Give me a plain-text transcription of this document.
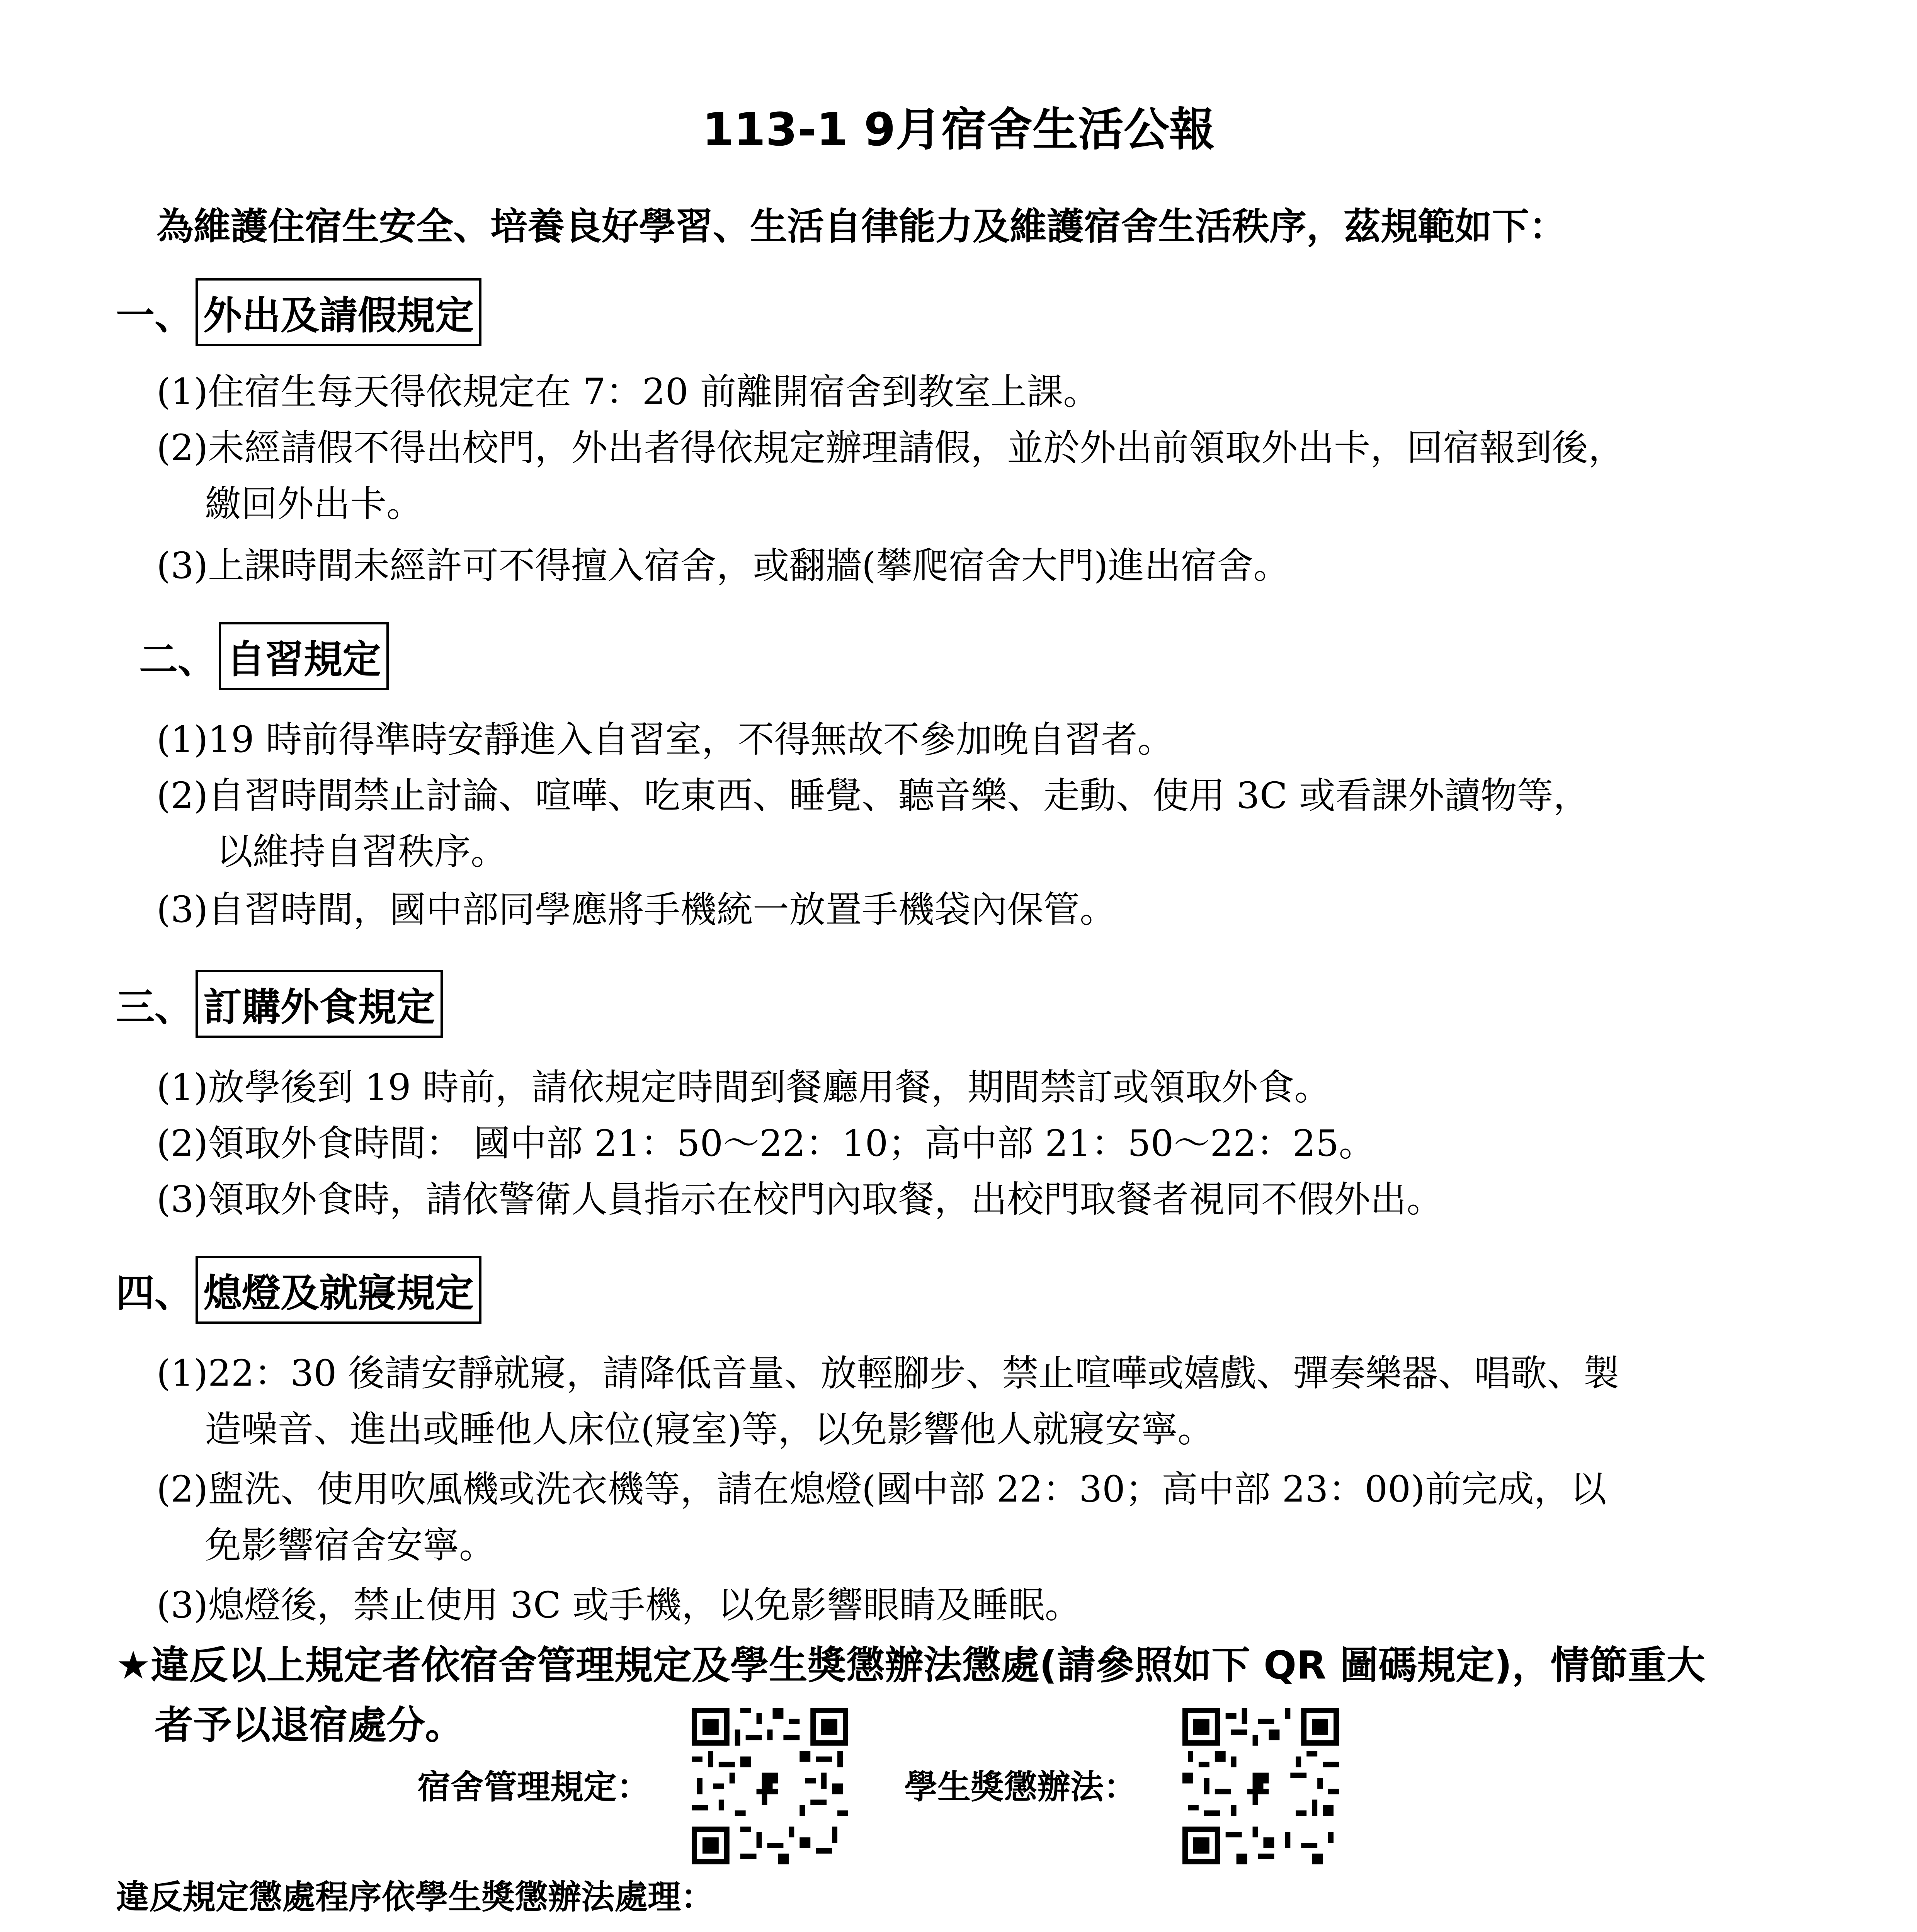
113-1 9月宿舍生活公報
為維護住宿生安全、培養良好學習、生活自律能力及維護宿舍生活秩序，茲規範如下：
一、 外出及請假規定
(1)住宿生每天得依規定在 7：20 前離開宿舍到教室上課。
(2)未經請假不得出校門，外出者得依規定辦理請假，並於外出前領取外出卡，回宿報到後，
繳回外出卡。
(3)上課時間未經許可不得擅入宿舍，或翻牆(攀爬宿舍大門)進出宿舍。
二、 自習規定
(1)19 時前得準時安靜進入自習室，不得無故不參加晚自習者。
(2)自習時間禁止討論、喧嘩、吃東西、睡覺、聽音樂、走動、使用 3C 或看課外讀物等，
以維持自習秩序。
(3)自習時間，國中部同學應將手機統一放置手機袋內保管。
三、 訂購外食規定
(1)放學後到 19 時前，請依規定時間到餐廳用餐，期間禁訂或領取外食。
(2)領取外食時間： 國中部 21：50～22：10；高中部 21：50～22：25。
(3)領取外食時，請依警衛人員指示在校門內取餐，出校門取餐者視同不假外出。
四、 熄燈及就寢規定
(1)22：30 後請安靜就寢，請降低音量、放輕腳步、禁止喧嘩或嬉戲、彈奏樂器、唱歌、製
造噪音、進出或睡他人床位(寢室)等，以免影響他人就寢安寧。
(2)盥洗、使用吹風機或洗衣機等，請在熄燈(國中部 22：30；高中部 23：00)前完成，以
免影響宿舍安寧。
(3)熄燈後，禁止使用 3C 或手機，以免影響眼睛及睡眠。
★違反以上規定者依宿舍管理規定及學生獎懲辦法懲處(請參照如下 QR 圖碼規定)，情節重大
者予以退宿處分。
宿舍管理規定：	學生獎懲辦法：
違反規定懲處程序依學生獎懲辦法處理：
